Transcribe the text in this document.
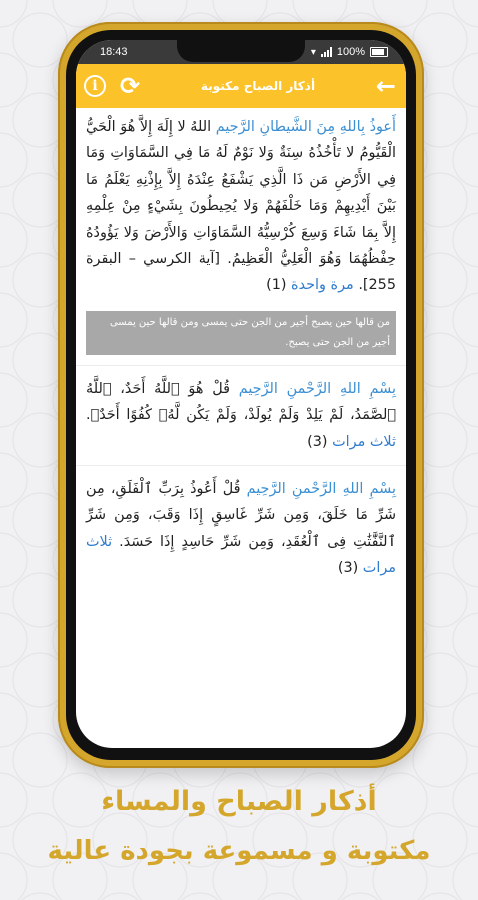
18:43	▾ 100%
i ⟳	أذكار الصباح مكتوبة	←
أَعوذُ بِاللهِ مِنَ الشَّيطانِ الرَّجيم اللهُ لا إِلَهَ إِلاَّ هُوَ الْحَيُّ الْقَيُّومُ لا تَأْخُذُهُ سِنَةٌ وَلا نَوْمٌ لَهُ مَا فِي السَّمَاوَاتِ وَمَا فِي الأَرْضِ مَن ذَا الَّذِي يَشْفَعُ عِنْدَهُ إِلاَّ بِإِذْنِهِ يَعْلَمُ مَا بَيْنَ أَيْدِيهِمْ وَمَا خَلْفَهُمْ وَلا يُحِيطُونَ بِشَيْءٍ مِنْ عِلْمِهِ إِلاَّ بِمَا شَاءَ وَسِعَ كُرْسِيُّهُ السَّمَاوَاتِ وَالأَرْضَ وَلا يَؤُودُهُ حِفْظُهُمَا وَهُوَ الْعَلِيُّ الْعَظِيمُ. [آية الكرسي – البقرة 255]. مرة واحدة (1)
من قالها حين يصبح أجير من الجن حتى يمسى ومن قالها حين يمسى أجير من الجن حتى يصبح.
بِسْمِ اللهِ الرَّحْمنِ الرَّحِيم قُلْ هُوَ ٱللَّهُ أَحَدٌ، ٱللَّهُ ٱلصَّمَدُ، لَمْ يَلِدْ وَلَمْ يُولَدْ، وَلَمْ يَكُن لَّهُۥ كُفُوًا أَحَدٌۢ. ثلاث مرات (3)
بِسْمِ اللهِ الرَّحْمنِ الرَّحِيم قُلْ أَعُوذُ بِرَبِّ ٱلْفَلَقِ، مِن شَرِّ مَا خَلَقَ، وَمِن شَرِّ غَاسِقٍ إِذَا وَقَبَ، وَمِن شَرِّ ٱلنَّفَّٰثَٰتِ فِى ٱلْعُقَدِ، وَمِن شَرِّ حَاسِدٍ إِذَا حَسَدَ. ثلاث مرات (3)
أذكار الصباح والمساء
مكتوبة و مسموعة بجودة عالية
